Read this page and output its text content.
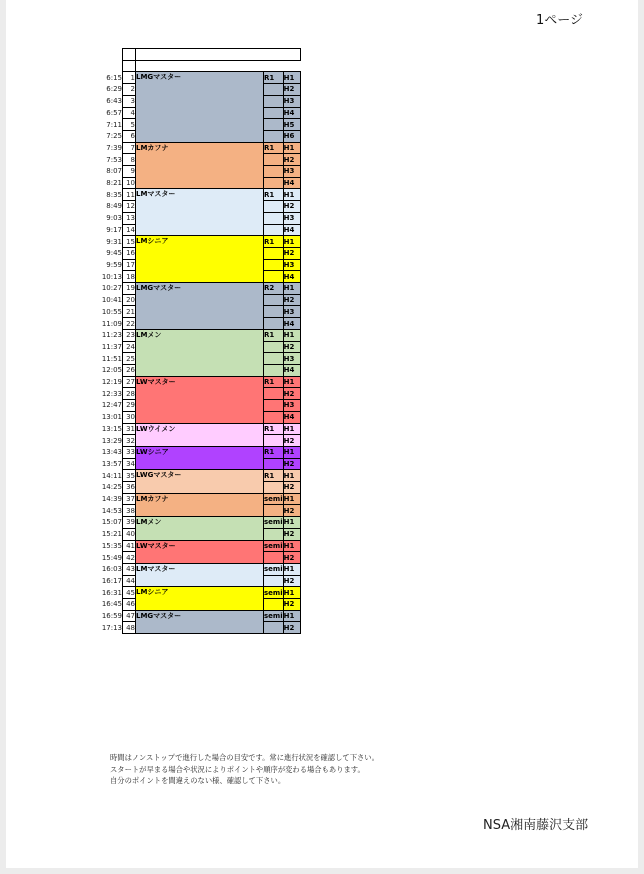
1ページ

6:15	1	LMGマスター	R1	H1
6:29	2			H2
6:43	3			H3
6:57	4			H4
7:11	5			H5
7:25	6			H6
7:39	7	LMカフナ	R1	H1
7:53	8			H2
8:07	9			H3
8:21	10			H4
8:35	11	LMマスター	R1	H1
8:49	12			H2
9:03	13			H3
9:17	14			H4
9:31	15	LMシニア	R1	H1
9:45	16			H2
9:59	17			H3
10:13	18			H4
10:27	19	LMGマスター	R2	H1
10:41	20			H2
10:55	21			H3
11:09	22			H4
11:23	23	LMメン	R1	H1
11:37	24			H2
11:51	25			H3
12:05	26			H4
12:19	27	LWマスター	R1	H1
12:33	28			H2
12:47	29			H3
13:01	30			H4
13:15	31	LWウイメン	R1	H1
13:29	32			H2
13:43	33	LWシニア	R1	H1
13:57	34			H2
14:11	35	LWGマスター	R1	H1
14:25	36			H2
14:39	37	LMカフナ	semi	H1
14:53	38			H2
15:07	39	LMメン	semi	H1
15:21	40			H2
15:35	41	LWマスター	semi	H1
15:49	42			H2
16:03	43	LMマスター	semi	H1
16:17	44			H2
16:31	45	LMシニア	semi	H1
16:45	46			H2
16:59	47	LMGマスター	semi	H1
17:13	48			H2
時間はノンストップで進行した場合の目安です。常に進行状況を確認して下さい。
スタートが早まる場合や状況によりポイントや順序が変わる場合もあります。
自分のポイントを間違えのない様、確認して下さい。
NSA湘南藤沢支部
